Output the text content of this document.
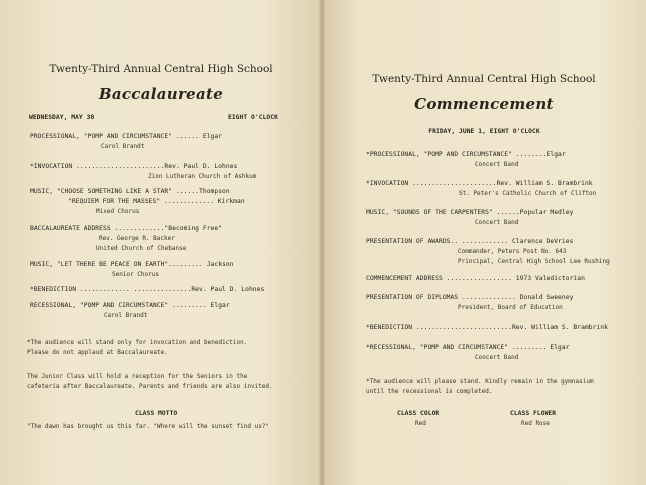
Twenty-Third Annual Central High School
Baccalaureate
WEDNESDAY, MAY 30	EIGHT O'CLOCK
PROCESSIONAL, "POMP AND CIRCUMSTANCE" ...... Elgar
Carol Brandt
*INVOCATION .......................Rev. Paul D. Lohnes
Zion Lutheran Church of Ashkum
MUSIC, "CHOOSE SOMETHING LIKE A STAR" ......Thompson
"REQUIEM FOR THE MASSES" ............. Kirkman
Mixed Chorus
BACCALAUREATE ADDRESS ............."Becoming Free"
Rev. George R. Backer
United Church of Chebanse
MUSIC, "LET THERE BE PEACE ON EARTH"......... Jackson
Senior Chorus
*BENEDICTION ............. ...............Rev. Paul D. Lohnes
RECESSIONAL, "POMP AND CIRCUMSTANCE" ......... Elgar
Carol Brandt
*The audience will stand only for invocation and benediction.
Please do not applaud at Baccalaureate.
The Junior Class will hold a reception for the Seniors in the
cafeteria after Baccalaureate. Parents and friends are also invited.
CLASS MOTTO
"The dawn has brought us this far. "Where will the sunset find us?"
Twenty-Third Annual Central High School
Commencement
FRIDAY, JUNE 1, EIGHT O'CLOCK
*PROCESSIONAL, "POMP AND CIRCUMSTANCE" ........Elgar
Concert Band
*INVOCATION ......................Rev. William S. Brambrink
St. Peter's Catholic Church of Clifton
MUSIC, "SOUNDS OF THE CARPENTERS" ......Popular Medley
Concert Band
PRESENTATION OF AWARDS.. ............ Clarence DeVries
Commander, Peters Post No. 643
Principal, Central High School Lee Rushing
COMMENCEMENT ADDRESS ................. 1973 Valedictorian
PRESENTATION OF DIPLOMAS .............. Donald Sweeney
President, Board of Education
*BENEDICTION .........................Rev. William S. Brambrink
*RECESSIONAL, "POMP AND CIRCUMSTANCE" ......... Elgar
Concert Band
*The audience will please stand. Kindly remain in the gymnasium
until the recessional is completed.
CLASS COLOR
Red
CLASS FLOWER
Red Rose
